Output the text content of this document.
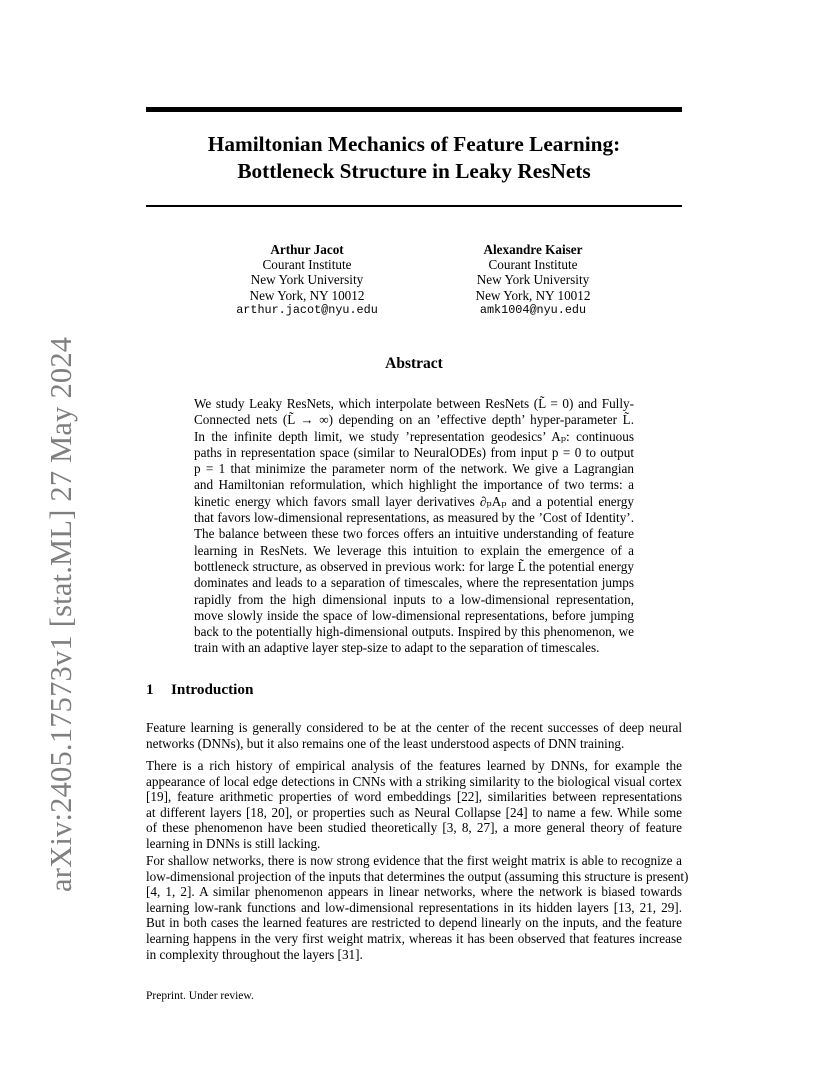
arXiv:2405.17573v1 [stat.ML] 27 May 2024
Hamiltonian Mechanics of Feature Learning:
Bottleneck Structure in Leaky ResNets
Arthur Jacot
Courant Institute
New York University
New York, NY 10012
arthur.jacot@nyu.edu
Alexandre Kaiser
Courant Institute
New York University
New York, NY 10012
amk1004@nyu.edu
Abstract
We study Leaky ResNets, which interpolate between ResNets (L̃ = 0) and Fully-
Connected nets (L̃ → ∞) depending on an ’effective depth’ hyper-parameter L̃.
In the infinite depth limit, we study ’representation geodesics’ Aₚ: continuous
paths in representation space (similar to NeuralODEs) from input p = 0 to output
p = 1 that minimize the parameter norm of the network. We give a Lagrangian
and Hamiltonian reformulation, which highlight the importance of two terms: a
kinetic energy which favors small layer derivatives ∂ₚAₚ and a potential energy
that favors low-dimensional representations, as measured by the ’Cost of Identity’.
The balance between these two forces offers an intuitive understanding of feature
learning in ResNets. We leverage this intuition to explain the emergence of a
bottleneck structure, as observed in previous work: for large L̃ the potential energy
dominates and leads to a separation of timescales, where the representation jumps
rapidly from the high dimensional inputs to a low-dimensional representation,
move slowly inside the space of low-dimensional representations, before jumping
back to the potentially high-dimensional outputs. Inspired by this phenomenon, we
train with an adaptive layer step-size to adapt to the separation of timescales.
1 Introduction
Feature learning is generally considered to be at the center of the recent successes of deep neural
networks (DNNs), but it also remains one of the least understood aspects of DNN training.
There is a rich history of empirical analysis of the features learned by DNNs, for example the
appearance of local edge detections in CNNs with a striking similarity to the biological visual cortex
[19], feature arithmetic properties of word embeddings [22], similarities between representations
at different layers [18, 20], or properties such as Neural Collapse [24] to name a few. While some
of these phenomenon have been studied theoretically [3, 8, 27], a more general theory of feature
learning in DNNs is still lacking.
For shallow networks, there is now strong evidence that the first weight matrix is able to recognize a
low-dimensional projection of the inputs that determines the output (assuming this structure is present)
[4, 1, 2]. A similar phenomenon appears in linear networks, where the network is biased towards
learning low-rank functions and low-dimensional representations in its hidden layers [13, 21, 29].
But in both cases the learned features are restricted to depend linearly on the inputs, and the feature
learning happens in the very first weight matrix, whereas it has been observed that features increase
in complexity throughout the layers [31].
Preprint. Under review.
